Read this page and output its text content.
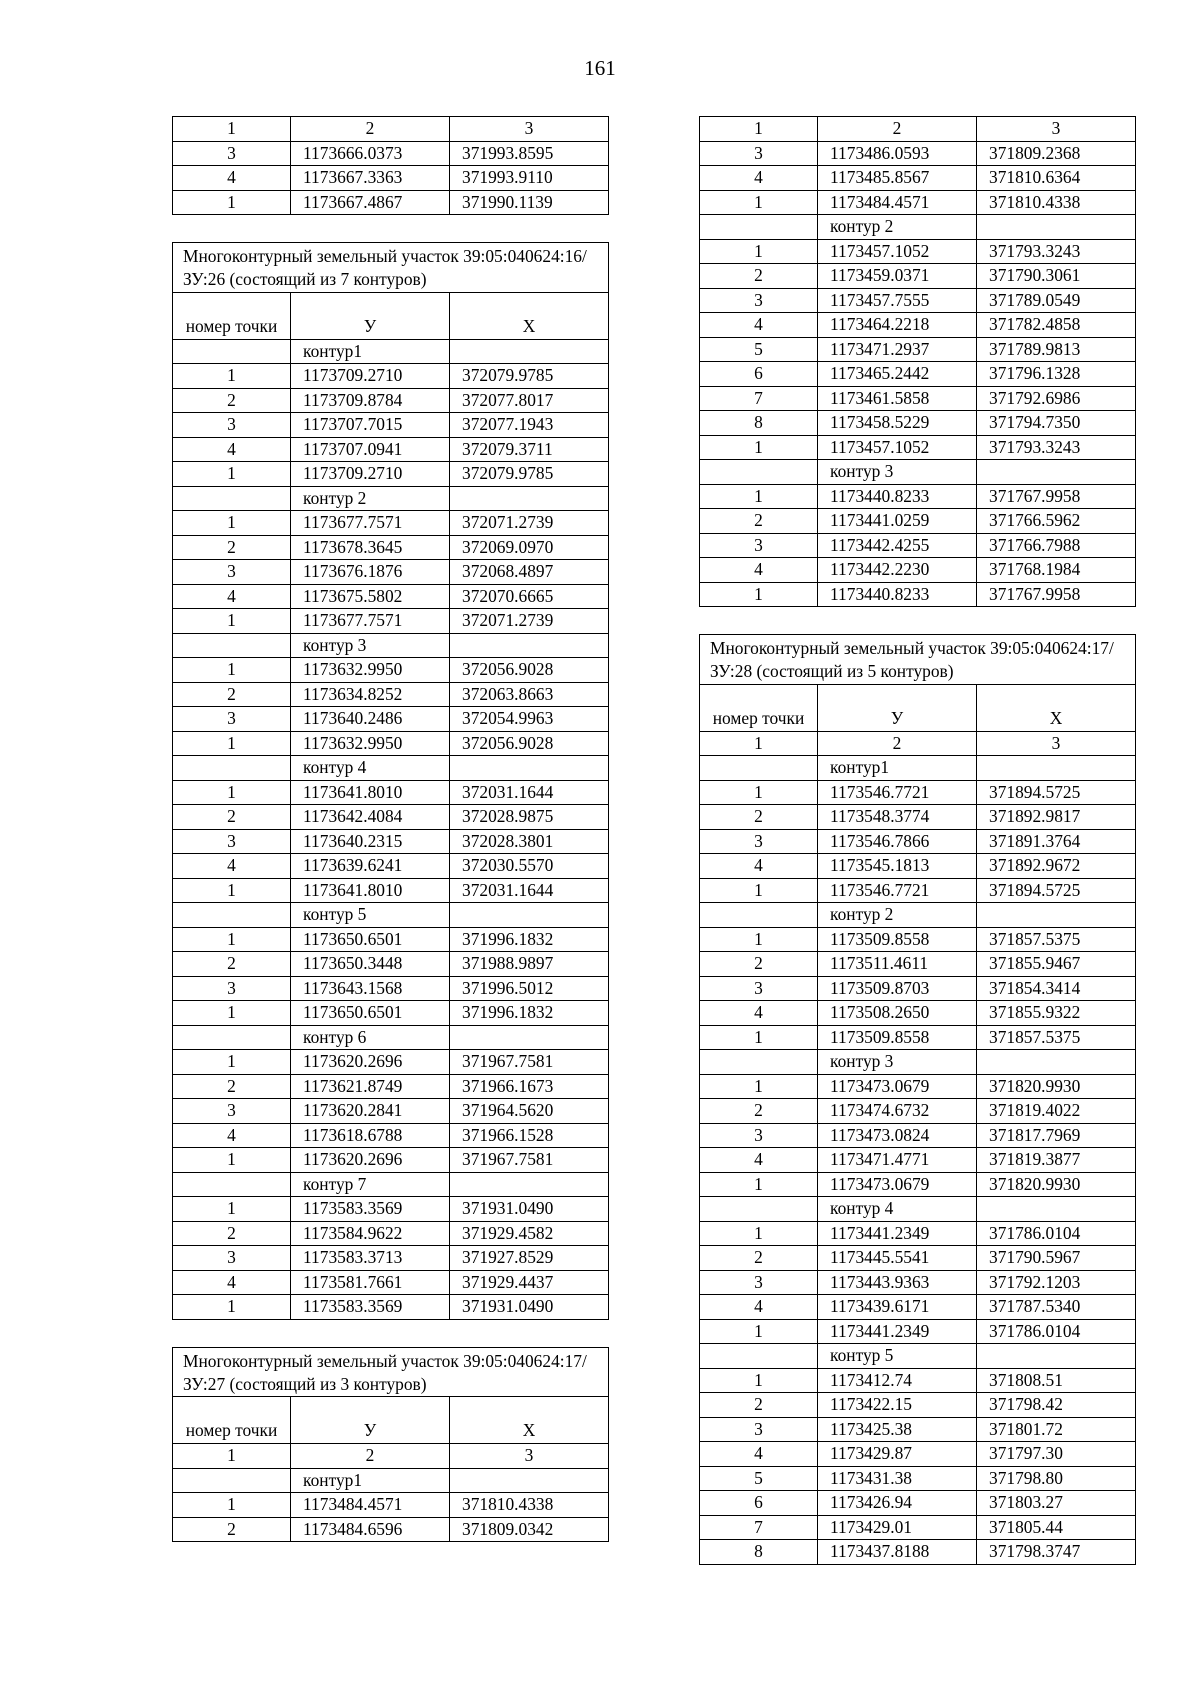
161
1	2	3
3	1173666.0373	371993.8595
4	1173667.3363	371993.9110
1	1173667.4867	371990.1139
Многоконтурный земельный участок 39:05:040624:16/ЗУ:26 (состоящий из 7 контуров)		
номер точки	У	Х
	контур1	
1	1173709.2710	372079.9785
2	1173709.8784	372077.8017
3	1173707.7015	372077.1943
4	1173707.0941	372079.3711
1	1173709.2710	372079.9785
	контур 2	
1	1173677.7571	372071.2739
2	1173678.3645	372069.0970
3	1173676.1876	372068.4897
4	1173675.5802	372070.6665
1	1173677.7571	372071.2739
	контур 3	
1	1173632.9950	372056.9028
2	1173634.8252	372063.8663
3	1173640.2486	372054.9963
1	1173632.9950	372056.9028
	контур 4	
1	1173641.8010	372031.1644
2	1173642.4084	372028.9875
3	1173640.2315	372028.3801
4	1173639.6241	372030.5570
1	1173641.8010	372031.1644
	контур 5	
1	1173650.6501	371996.1832
2	1173650.3448	371988.9897
3	1173643.1568	371996.5012
1	1173650.6501	371996.1832
	контур 6	
1	1173620.2696	371967.7581
2	1173621.8749	371966.1673
3	1173620.2841	371964.5620
4	1173618.6788	371966.1528
1	1173620.2696	371967.7581
	контур 7	
1	1173583.3569	371931.0490
2	1173584.9622	371929.4582
3	1173583.3713	371927.8529
4	1173581.7661	371929.4437
1	1173583.3569	371931.0490
Многоконтурный земельный участок 39:05:040624:17/ЗУ:27 (состоящий из 3 контуров)		
номер точки	У	Х
1	2	3
	контур1	
1	1173484.4571	371810.4338
2	1173484.6596	371809.0342
1	2	3
3	1173486.0593	371809.2368
4	1173485.8567	371810.6364
1	1173484.4571	371810.4338
	контур 2	
1	1173457.1052	371793.3243
2	1173459.0371	371790.3061
3	1173457.7555	371789.0549
4	1173464.2218	371782.4858
5	1173471.2937	371789.9813
6	1173465.2442	371796.1328
7	1173461.5858	371792.6986
8	1173458.5229	371794.7350
1	1173457.1052	371793.3243
	контур 3	
1	1173440.8233	371767.9958
2	1173441.0259	371766.5962
3	1173442.4255	371766.7988
4	1173442.2230	371768.1984
1	1173440.8233	371767.9958
Многоконтурный земельный участок 39:05:040624:17/ЗУ:28 (состоящий из 5 контуров)		
номер точки	У	Х
1	2	3
	контур1	
1	1173546.7721	371894.5725
2	1173548.3774	371892.9817
3	1173546.7866	371891.3764
4	1173545.1813	371892.9672
1	1173546.7721	371894.5725
	контур 2	
1	1173509.8558	371857.5375
2	1173511.4611	371855.9467
3	1173509.8703	371854.3414
4	1173508.2650	371855.9322
1	1173509.8558	371857.5375
	контур 3	
1	1173473.0679	371820.9930
2	1173474.6732	371819.4022
3	1173473.0824	371817.7969
4	1173471.4771	371819.3877
1	1173473.0679	371820.9930
	контур 4	
1	1173441.2349	371786.0104
2	1173445.5541	371790.5967
3	1173443.9363	371792.1203
4	1173439.6171	371787.5340
1	1173441.2349	371786.0104
	контур 5	
1	1173412.74	371808.51
2	1173422.15	371798.42
3	1173425.38	371801.72
4	1173429.87	371797.30
5	1173431.38	371798.80
6	1173426.94	371803.27
7	1173429.01	371805.44
8	1173437.8188	371798.3747
